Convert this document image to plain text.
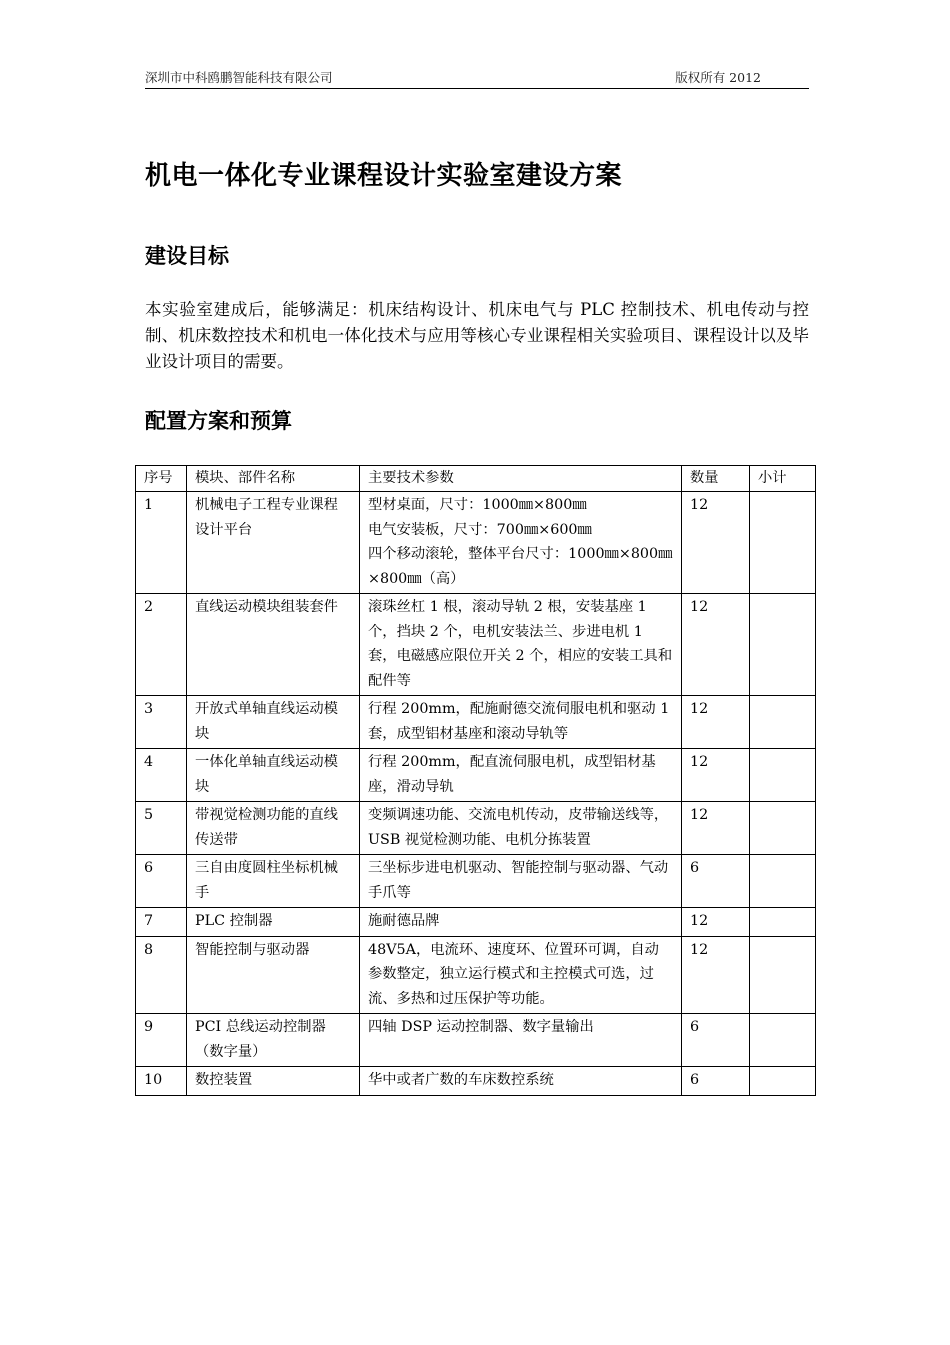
深圳市中科鸥鹏智能科技有限公司	版权所有 2012
机电一体化专业课程设计实验室建设方案
建设目标

本实验室建成后，能够满足：机床结构设计、机床电气与 PLC 控制技术、机电传动与控制、机床数控技术和机电一体化技术与应用等核心专业课程相关实验项目、课程设计以及毕业设计项目的需要。

配置方案和预算
序号	模块、部件名称	主要技术参数	数量	小计
1	机械电子工程专业课程设计平台	型材桌面，尺寸：1000㎜×800㎜
电气安装板，尺寸：700㎜×600㎜
四个移动滚轮，整体平台尺寸：1000㎜×800㎜×800㎜（高）	12	
2	直线运动模块组装套件	滚珠丝杠 1 根，滚动导轨 2 根，安装基座 1 个，挡块 2 个，电机安装法兰、步进电机 1 套，电磁感应限位开关 2 个，相应的安装工具和配件等	12	
3	开放式单轴直线运动模块	行程 200mm，配施耐德交流伺服电机和驱动 1 套，成型铝材基座和滚动导轨等	12	
4	一体化单轴直线运动模块	行程 200mm，配直流伺服电机，成型铝材基座，滑动导轨	12	
5	带视觉检测功能的直线传送带	变频调速功能、交流电机传动，皮带输送线等，USB 视觉检测功能、电机分拣装置	12	
6	三自由度圆柱坐标机械手	三坐标步进电机驱动、智能控制与驱动器、气动手爪等	6	
7	PLC 控制器	施耐德品牌	12	
8	智能控制与驱动器	48V5A，电流环、速度环、位置环可调，自动参数整定，独立运行模式和主控模式可选，过流、多热和过压保护等功能。	12	
9	PCI 总线运动控制器（数字量）	四轴 DSP 运动控制器、数字量输出	6	
10	数控装置	华中或者广数的车床数控系统	6	
